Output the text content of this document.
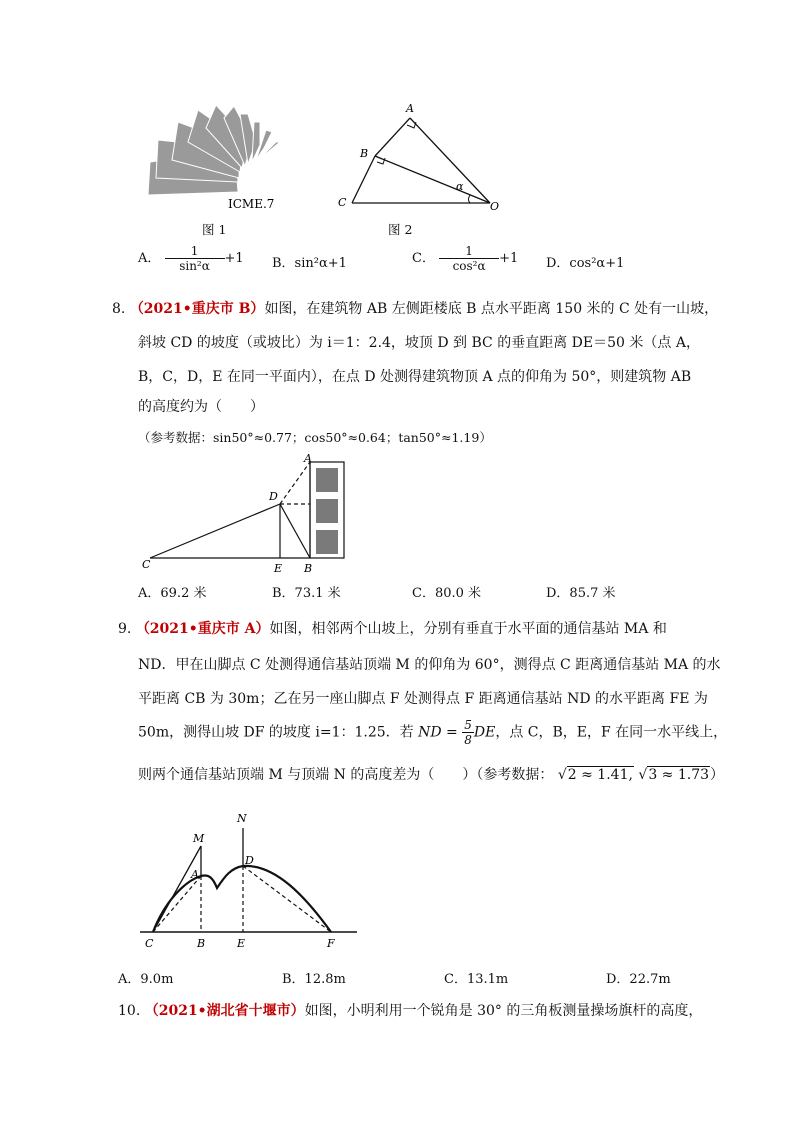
ICME.7
图 1
A
B
C	O
α
图 2
A． $\frac{1}{\text{sin²α}} +1$ B．sin²α+1	C． $\frac{1}{\text{cos²α}} +1$ D．cos²α+1
8. （2021•重庆市 B）如图，在建筑物 AB 左侧距楼底 B 点水平距离 150 米的 C 处有一山坡，
斜坡 CD 的坡度（或坡比）为 i＝1：2.4，坡顶 D 到 BC 的垂直距离 DE＝50 米（点 A，
B，C，D，E 在同一平面内），在点 D 处测得建筑物顶 A 点的仰角为 50°，则建筑物 AB
的高度约为（　　）
（参考数据：sin50°≈0.77；cos50°≈0.64；tan50°≈1.19）
A
D
C	E B
A．69.2 米	B．73.1 米	C．80.0 米	D．85.7 米
9. （2021•重庆市 A）如图，相邻两个山坡上，分别有垂直于水平面的通信基站 MA 和
ND．甲在山脚点 C 处测得通信基站顶端 M 的仰角为 60°，测得点 C 距离通信基站 MA 的水
平距离 CB 为 30m；乙在另一座山脚点 F 处测得点 F 距离通信基站 ND 的水平距离 FE 为
50m，测得山坡 DF 的坡度 i=1：1.25．若 ND = $\frac{5}{8}$ DE，点 C，B，E，F 在同一水平线上，
则两个通信基站顶端 M 与顶端 N 的高度差为（　　）（参考数据： √2 ≈ 1.41, √3 ≈ 1.73）
M
N
A
D
C	B	E	F
A．9.0m	B．12.8m	C．13.1m	D．22.7m
10. （2021•湖北省十堰市）如图，小明利用一个锐角是 30° 的三角板测量操场旗杆的高度，
